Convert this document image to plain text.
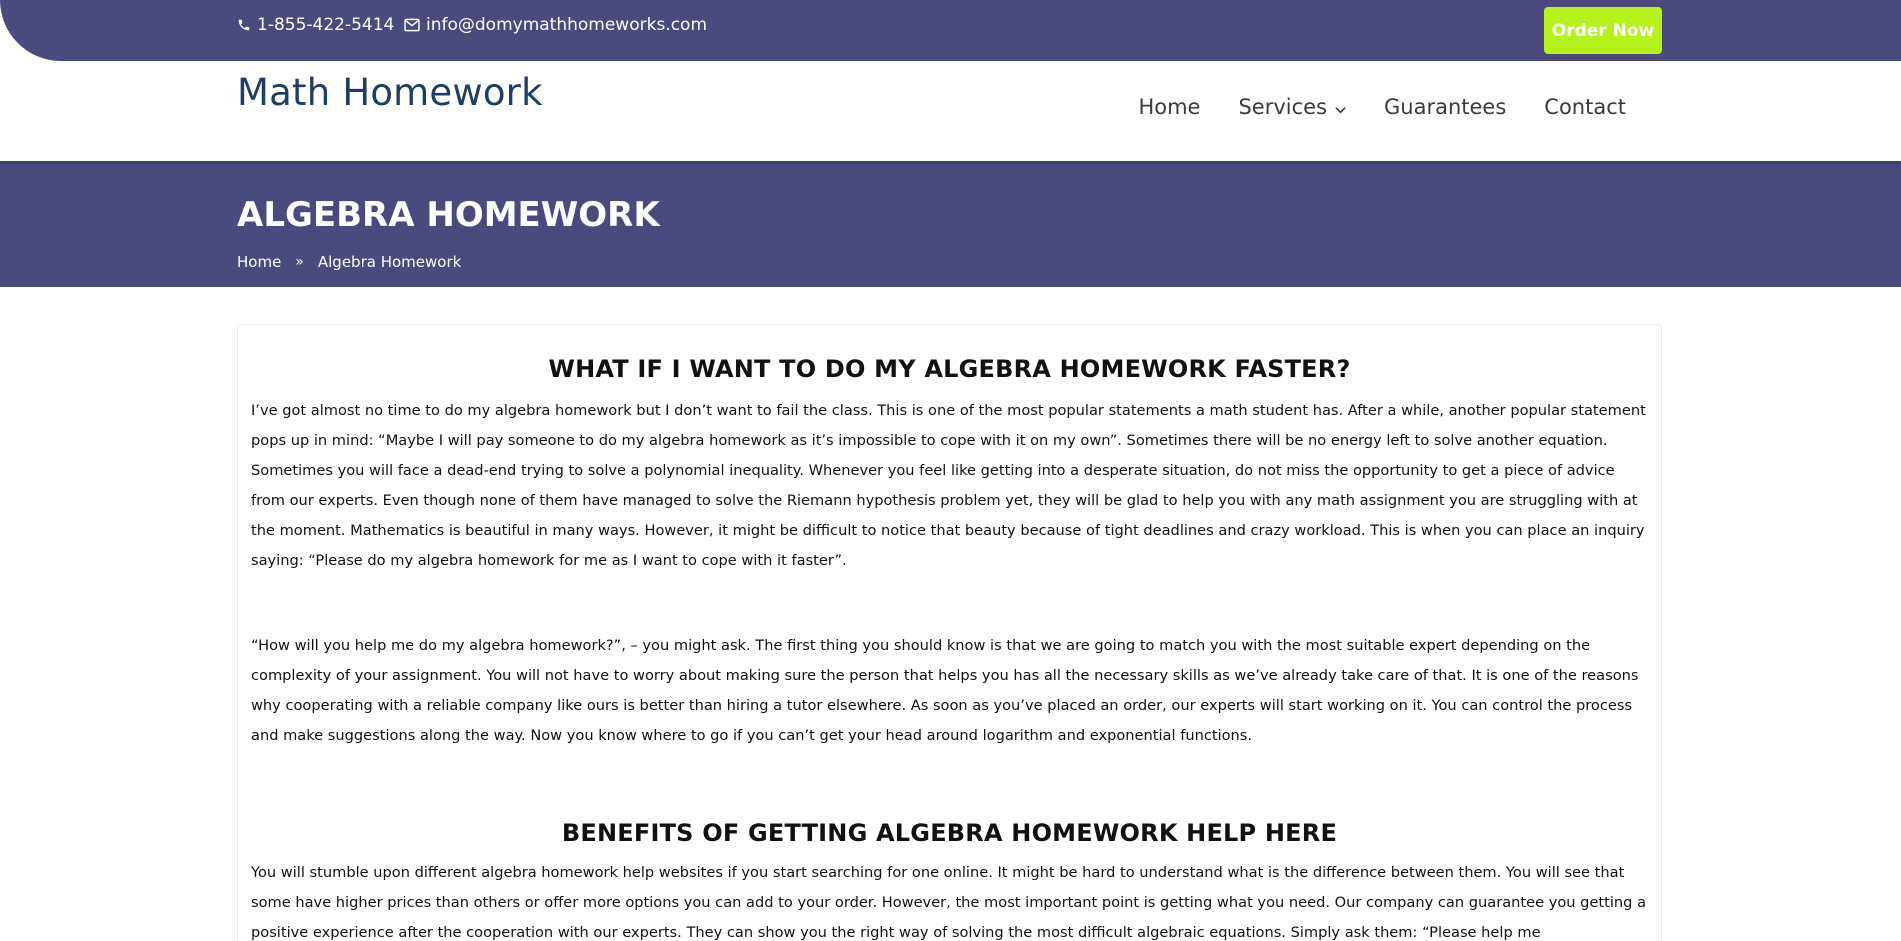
1-855-422-5414 info@domymathhomeworks.com	Order Now
Math Homework	Home Services	Guarantees Contact
ALGEBRA HOMEWORK
Home » Algebra Homework
WHAT IF I WANT TO DO MY ALGEBRA HOMEWORK FASTER?

I’ve got almost no time to do my algebra homework but I don’t want to fail the class. This is one of the most popular statements a math student has. After a while, another popular statement pops up in mind: “Maybe I will pay someone to do my algebra homework as it’s impossible to cope with it on my own”. Sometimes there will be no energy left to solve another equation. Sometimes you will face a dead-end trying to solve a polynomial inequality. Whenever you feel like getting into a desperate situation, do not miss the opportunity to get a piece of advice from our experts. Even though none of them have managed to solve the Riemann hypothesis problem yet, they will be glad to help you with any math assignment you are struggling with at the moment. Mathematics is beautiful in many ways. However, it might be difficult to notice that beauty because of tight deadlines and crazy workload. This is when you can place an inquiry saying: “Please do my algebra homework for me as I want to cope with it faster”.

“How will you help me do my algebra homework?”, – you might ask. The first thing you should know is that we are going to match you with the most suitable expert depending on the complexity of your assignment. You will not have to worry about making sure the person that helps you has all the necessary skills as we’ve already take care of that. It is one of the reasons why cooperating with a reliable company like ours is better than hiring a tutor elsewhere. As soon as you’ve placed an order, our experts will start working on it. You can control the process and make suggestions along the way. Now you know where to go if you can’t get your head around logarithm and exponential functions.

BENEFITS OF GETTING ALGEBRA HOMEWORK HELP HERE

You will stumble upon different algebra homework help websites if you start searching for one online. It might be hard to understand what is the difference between them. You will see that some have higher prices than others or offer more options you can add to your order. However, the most important point is getting what you need. Our company can guarantee you getting a positive experience after the cooperation with our experts. They can show you the right way of solving the most difficult algebraic equations. Simply ask them: “Please help me
